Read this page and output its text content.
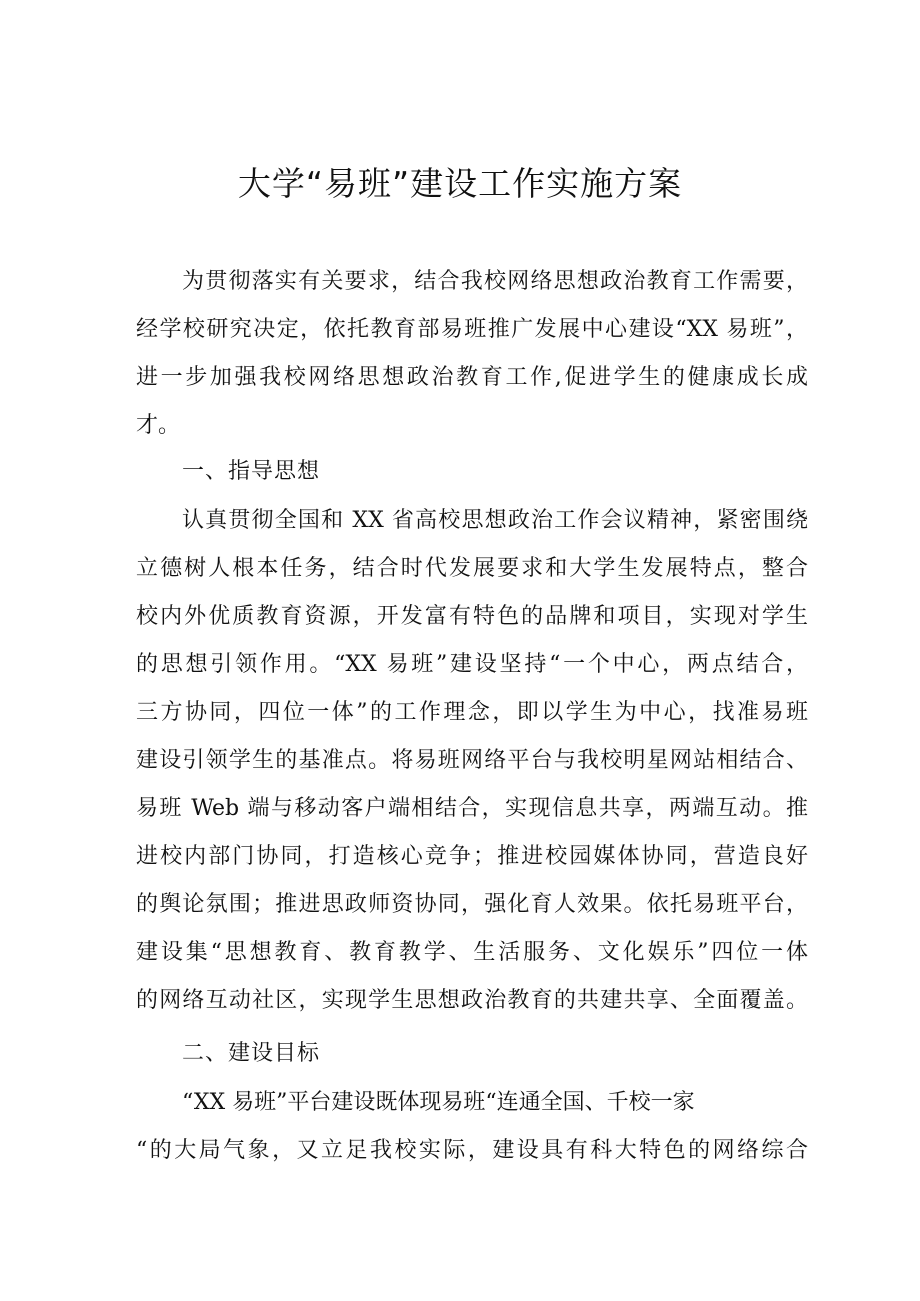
大学“易班”建设工作实施方案
为贯彻落实有关要求，结合我校网络思想政治教育工作需要，
经学校研究决定，依托教育部易班推广发展中心建设“XX 易班”，
进一步加强我校网络思想政治教育工作,促进学生的健康成长成
才。
一、指导思想
认真贯彻全国和 XX 省高校思想政治工作会议精神，紧密围绕
立德树人根本任务，结合时代发展要求和大学生发展特点，整合
校内外优质教育资源，开发富有特色的品牌和项目，实现对学生
的思想引领作用。“XX 易班”建设坚持“一个中心，两点结合，
三方协同，四位一体”的工作理念，即以学生为中心，找准易班
建设引领学生的基准点。将易班网络平台与我校明星网站相结合、
易班 Web 端与移动客户端相结合，实现信息共享，两端互动。推
进校内部门协同，打造核心竞争；推进校园媒体协同，营造良好
的舆论氛围；推进思政师资协同，强化育人效果。依托易班平台，
建设集“思想教育、教育教学、生活服务、文化娱乐”四位一体
的网络互动社区，实现学生思想政治教育的共建共享、全面覆盖。
二、建设目标
“XX 易班”平台建设既体现易班“连通全国、千校一家
“的大局气象，又立足我校实际，建设具有科大特色的网络综合
